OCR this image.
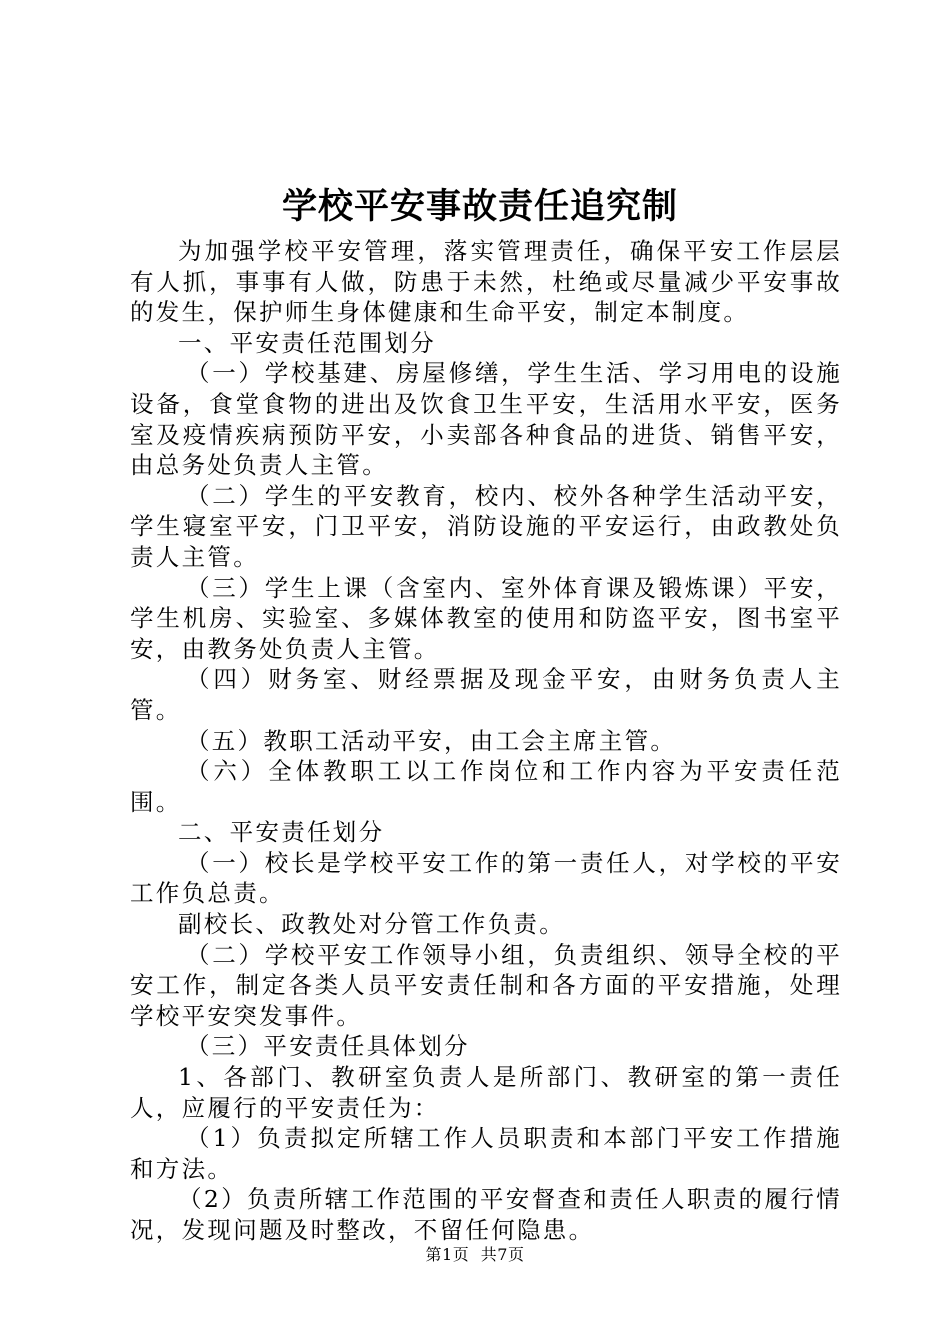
学校平安事故责任追究制

为加强学校平安管理，落实管理责任，确保平安工作层层有人抓，事事有人做，防患于未然，杜绝或尽量减少平安事故的发生，保护师生身体健康和生命平安，制定本制度。

一、平安责任范围划分

（一）学校基建、房屋修缮，学生生活、学习用电的设施设备，食堂食物的进出及饮食卫生平安，生活用水平安，医务室及疫情疾病预防平安，小卖部各种食品的进货、销售平安，由总务处负责人主管。

（二）学生的平安教育，校内、校外各种学生活动平安，学生寝室平安，门卫平安，消防设施的平安运行，由政教处负责人主管。

（三）学生上课（含室内、室外体育课及锻炼课）平安，学生机房、实验室、多媒体教室的使用和防盗平安，图书室平安，由教务处负责人主管。

（四）财务室、财经票据及现金平安，由财务负责人主管。

（五）教职工活动平安，由工会主席主管。

（六）全体教职工以工作岗位和工作内容为平安责任范围。

二、平安责任划分

（一）校长是学校平安工作的第一责任人，对学校的平安工作负总责。

副校长、政教处对分管工作负责。

（二）学校平安工作领导小组，负责组织、领导全校的平安工作，制定各类人员平安责任制和各方面的平安措施，处理学校平安突发事件。

（三）平安责任具体划分

1、各部门、教研室负责人是所部门、教研室的第一责任人，应履行的平安责任为：

（1）负责拟定所辖工作人员职责和本部门平安工作措施和方法。

（2）负责所辖工作范围的平安督查和责任人职责的履行情况，发现问题及时整改，不留任何隐患。

第1页 共7页
